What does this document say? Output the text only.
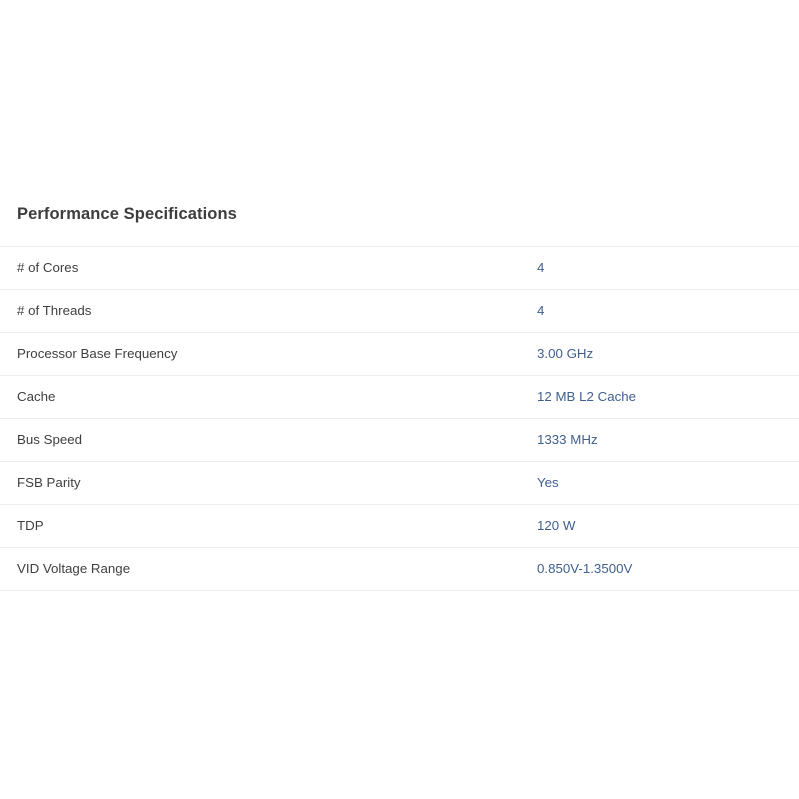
Performance Specifications
# of Cores	4
# of Threads	4
Processor Base Frequency	3.00 GHz
Cache	12 MB L2 Cache
Bus Speed	1333 MHz
FSB Parity	Yes
TDP	120 W
VID Voltage Range	0.850V-1.3500V
